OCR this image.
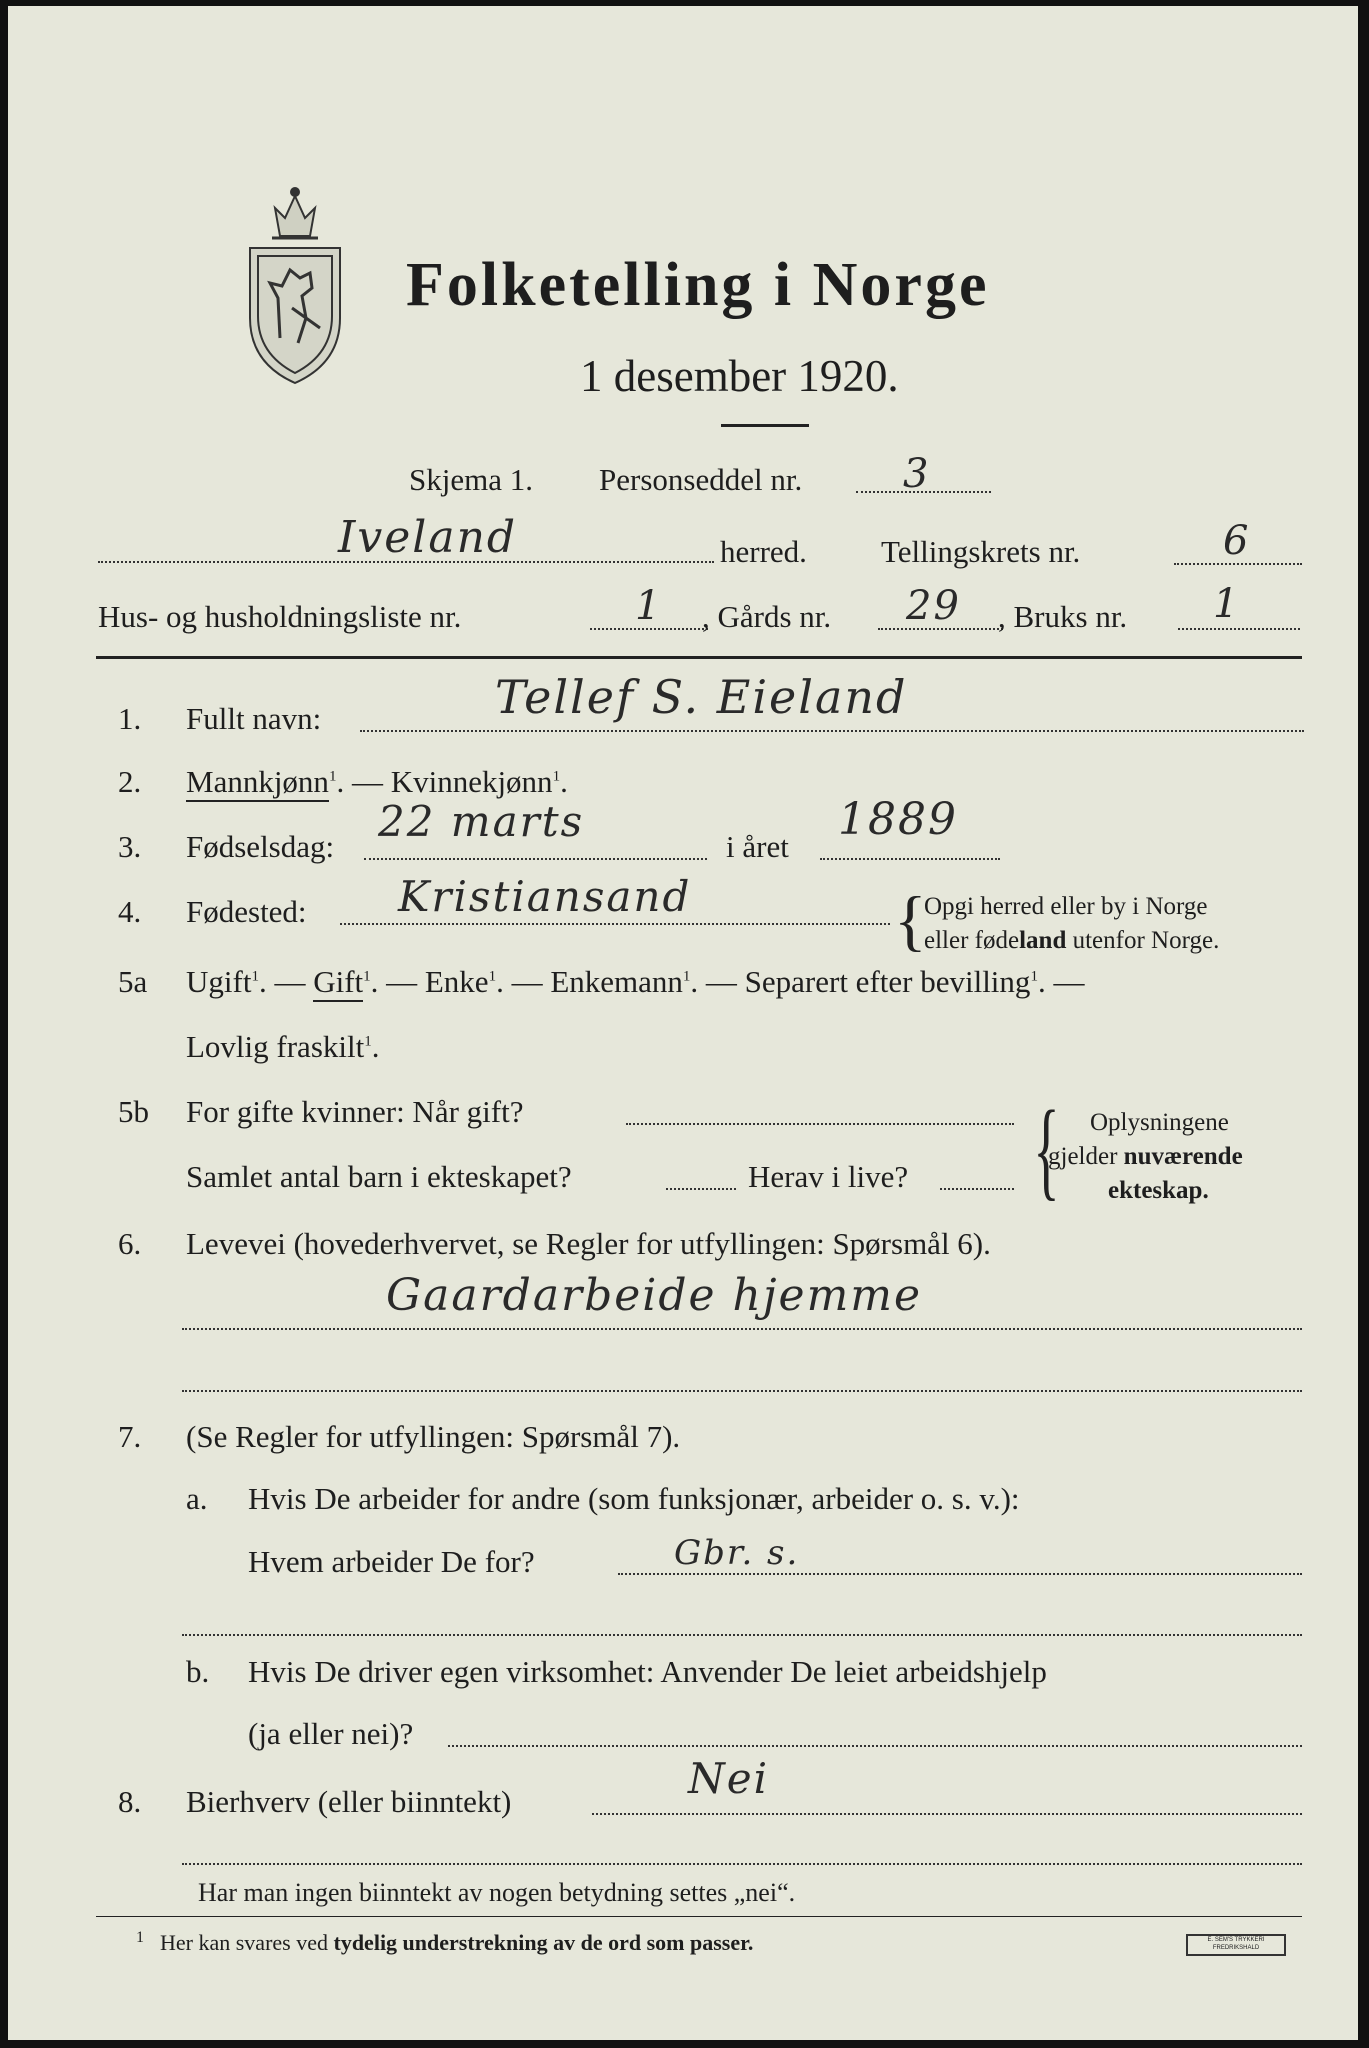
Folketelling i Norge
1 desember 1920.
Skjema 1. Personseddel nr.	3
Iveland	herred. Tellingskrets nr.	6
Hus- og husholdningsliste nr.	1 , Gårds nr. 29 , Bruks nr. 1
1. Fullt navn:	Tellef S. Eieland
2. Mannkjønn$^1$. — Kvinnekjønn$^1$.
3. Fødselsdag:
22 marts
i året
1889
4. Fødested: Kristiansand	{
Opgi herred eller by i Norge
eller fødeland utenfor Norge.
5a Ugift$^1$. — Gift$^1$. — Enke$^1$. — Enkemann$^1$. — Separert efter bevilling$^1$. —
Lovlig fraskilt$^1$.
5b For gifte kvinner: Når gift?
Samlet antal barn i ekteskapet?	Herav i live? { Oplysningene
gjelder nuværende
ekteskap.
6. Levevei (hovederhvervet, se Regler for utfyllingen: Spørsmål 6).
Gaardarbeide hjemme
7. (Se Regler for utfyllingen: Spørsmål 7).
a. Hvis De arbeider for andre (som funksjonær, arbeider o. s. v.):
Hvem arbeider De for?	Gbr. s.
b. Hvis De driver egen virksomhet: Anvender De leiet arbeidshjelp
(ja eller nei)?
8. Bierhverv (eller biinntekt)	Nei
Har man ingen biinntekt av nogen betydning settes „nei“.
1 Her kan svares ved tydelig understrekning av de ord som passer.	E. SEM'S TRYKKERI FREDRIKSHALD
